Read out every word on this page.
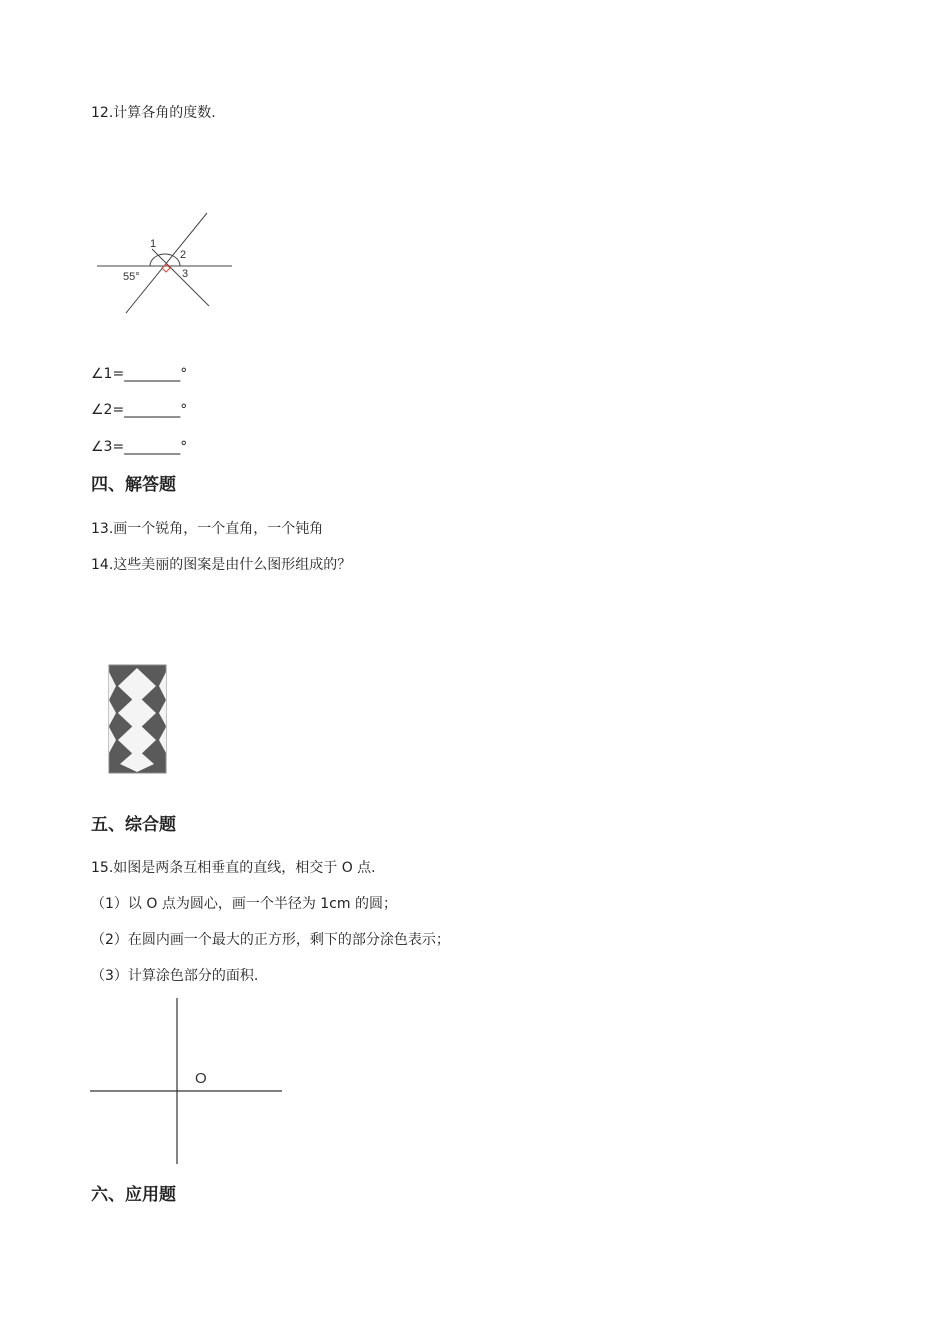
12.计算各角的度数.
1
2
3
55°
∠1=________°
∠2=________°
∠3=________°
四、解答题
13.画一个锐角，一个直角，一个钝角
14.这些美丽的图案是由什么图形组成的？
五、综合题
15.如图是两条互相垂直的直线，相交于 O 点.
（1）以 O 点为圆心，画一个半径为 1cm 的圆；
（2）在圆内画一个最大的正方形，剩下的部分涂色表示；
（3）计算涂色部分的面积.
O
六、应用题
